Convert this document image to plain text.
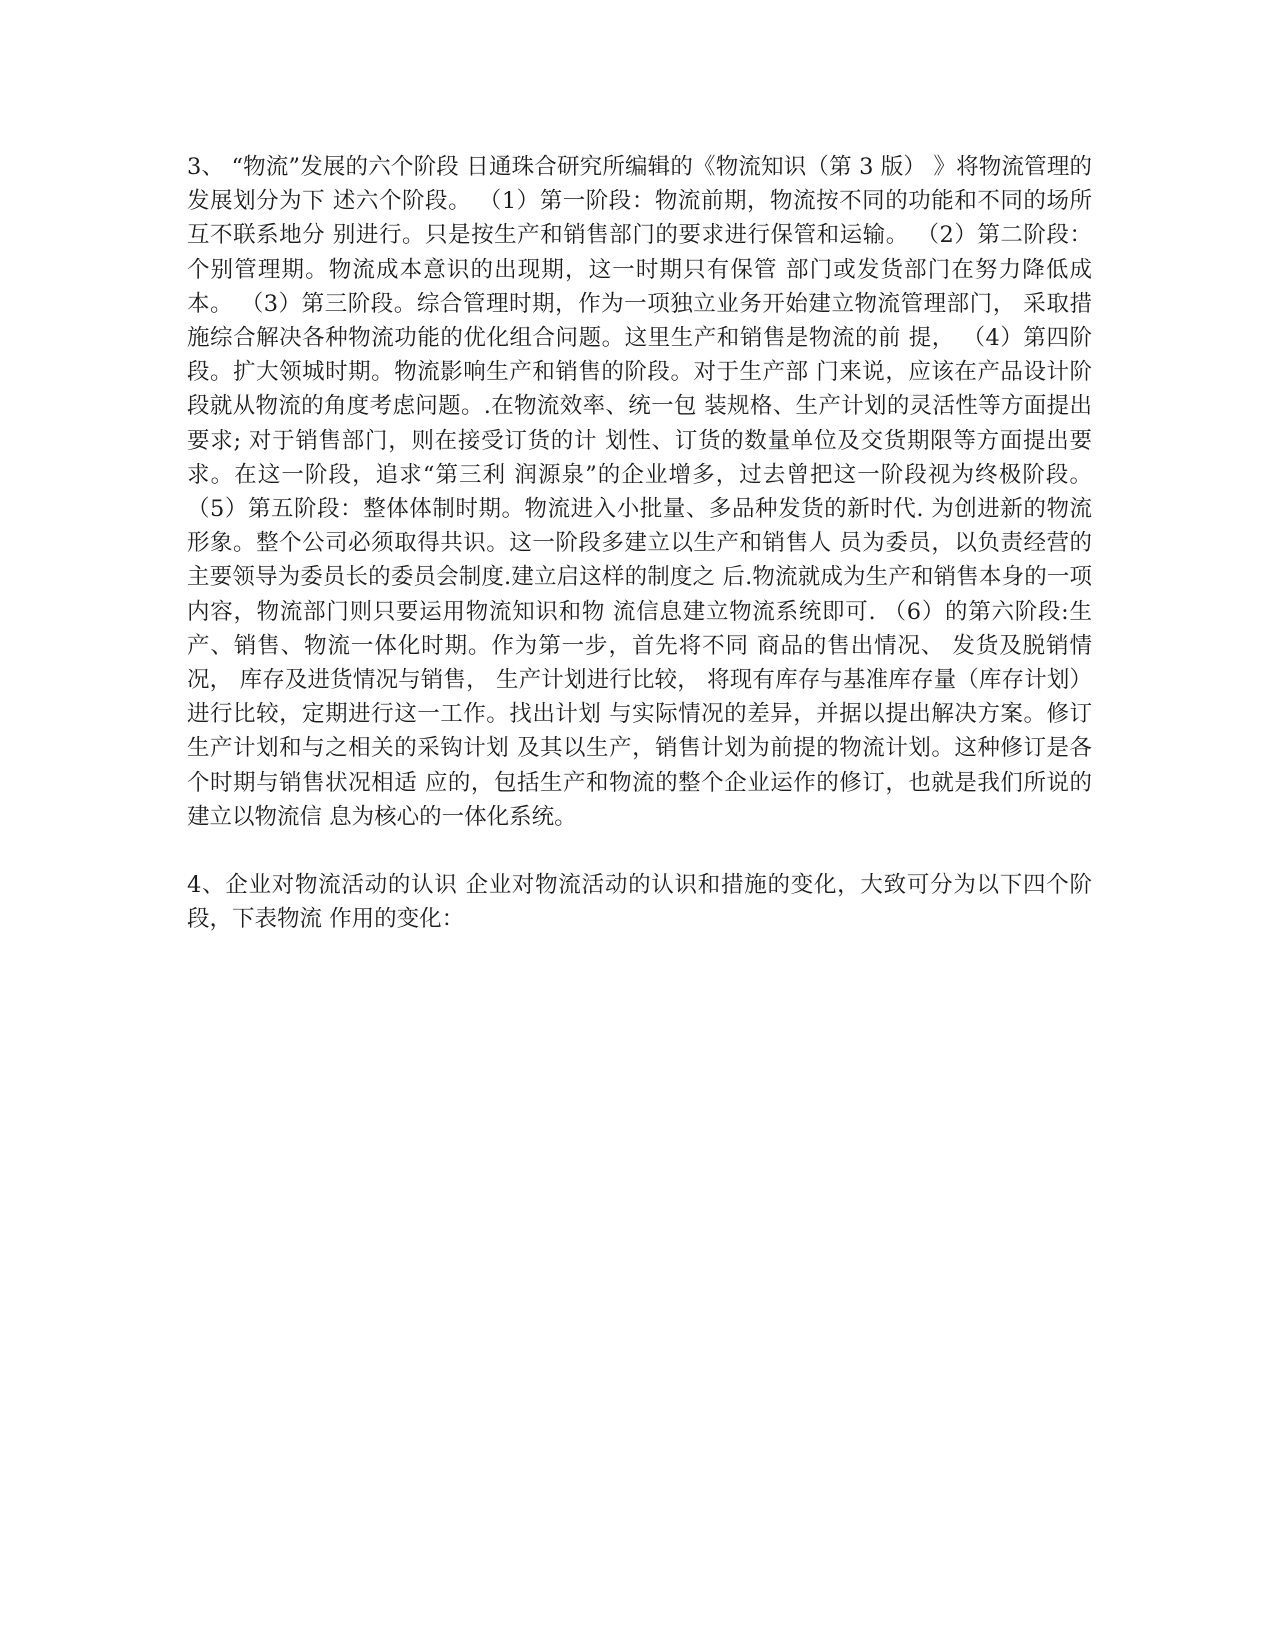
3、 “物流”发展的六个阶段 日通珠合研究所编辑的《物流知识（第 3 版） 》将物流管理的发展划分为下 述六个阶段。 （1）第一阶段：物流前期，物流按不同的功能和不同的场所互不联系地分 别进行。只是按生产和销售部门的要求进行保管和运输。 （2）第二阶段：个别管理期。物流成本意识的出现期，这一时期只有保管 部门或发货部门在努力降低成本。 （3）第三阶段。综合管理时期，作为一项独立业务开始建立物流管理部门， 采取措施综合解决各种物流功能的优化组合问题。这里生产和销售是物流的前 提， （4）第四阶段。扩大领城时期。物流影响生产和销售的阶段。对于生产部 门来说，应该在产品设计阶段就从物流的角度考虑问题。.在物流效率、统一包 装规格、生产计划的灵活性等方面提出要求; 对于销售部门，则在接受订货的计 划性、订货的数量单位及交货期限等方面提出要求。在这一阶段，追求“第三利 润源泉”的企业增多，过去曾把这一阶段视为终极阶段。 （5）第五阶段：整体体制时期。物流进入小批量、多品种发货的新时代. 为创进新的物流形象。整个公司必须取得共识。这一阶段多建立以生产和销售人 员为委员，以负责经营的主要领导为委员长的委员会制度.建立启这样的制度之 后.物流就成为生产和销售本身的一项内容，物流部门则只要运用物流知识和物 流信息建立物流系统即可. （6）的第六阶段:生产、销售、物流一体化时期。作为第一步，首先将不同 商品的售出情况、 发货及脱销情况， 库存及进货情况与销售， 生产计划进行比较， 将现有库存与基准库存量（库存计划）进行比较，定期进行这一工作。找出计划 与实际情况的差异，并据以提出解决方案。修订生产计划和与之相关的采钩计划 及其以生产，销售计划为前提的物流计划。这种修订是各个时期与销售状况相适 应的，包括生产和物流的整个企业运作的修订，也就是我们所说的建立以物流信 息为核心的一体化系统。

4、企业对物流活动的认识 企业对物流活动的认识和措施的变化，大致可分为以下四个阶段，下表物流 作用的变化：
